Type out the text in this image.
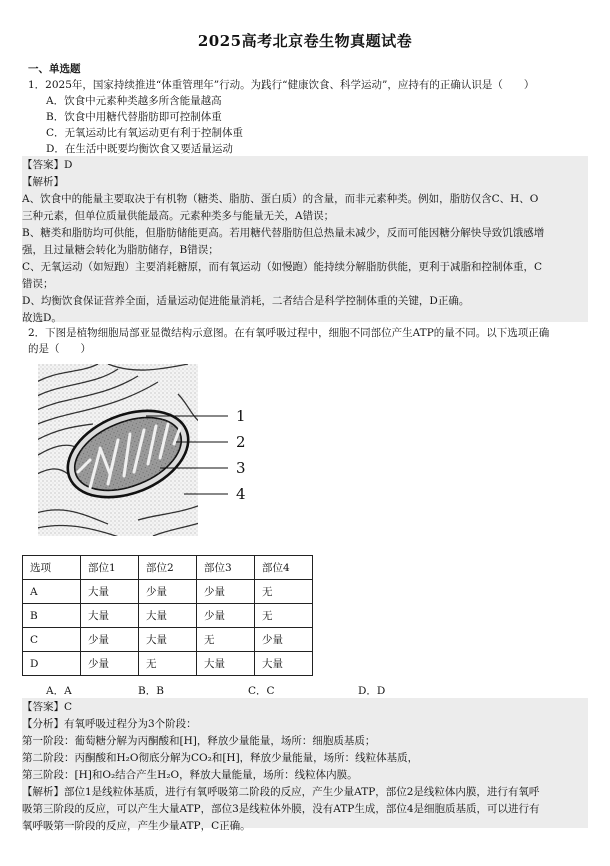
2025高考北京卷生物真题试卷
一、单选题
1．2025年，国家持续推进“体重管理年”行动。为践行“健康饮食、科学运动”，应持有的正确认识是（　　）
A．饮食中元素种类越多所含能量越高
B．饮食中用糖代替脂肪即可控制体重
C．无氧运动比有氧运动更有利于控制体重
D．在生活中既要均衡饮食又要适量运动
【答案】D
【解析】
A、饮食中的能量主要取决于有机物（糖类、脂肪、蛋白质）的含量，而非元素种类。例如，脂肪仅含C、H、O
三种元素，但单位质量供能最高。元素种类多与能量无关，A错误；
B、糖类和脂肪均可供能，但脂肪储能更高。若用糖代替脂肪但总热量未减少，反而可能因糖分解快导致饥饿感增
强，且过量糖会转化为脂肪储存，B错误；
C、无氧运动（如短跑）主要消耗糖原，而有氧运动（如慢跑）能持续分解脂肪供能，更利于减脂和控制体重，C
错误；
D、均衡饮食保证营养全面，适量运动促进能量消耗，二者结合是科学控制体重的关键，D正确。
故选D。
2．下图是植物细胞局部亚显微结构示意图。在有氧呼吸过程中，细胞不同部位产生ATP的量不同。以下选项正确
的是（　　）
1
2
3
4
选项	部位1	部位2	部位3	部位4
A	大量	少量	少量	无
B	大量	大量	少量	无
C	少量	大量	无	少量
D	少量	无	大量	大量
A．A	B．B	C．C	D．D
【答案】C
【分析】有氧呼吸过程分为3个阶段：
第一阶段：葡萄糖分解为丙酮酸和[H]，释放少量能量，场所：细胞质基质；
第二阶段：丙酮酸和H₂O彻底分解为CO₂和[H]，释放少量能量，场所：线粒体基质，
第三阶段：[H]和O₂结合产生H₂O，释放大量能量，场所：线粒体内膜。
【解析】部位1是线粒体基质，进行有氧呼吸第二阶段的反应，产生少量ATP，部位2是线粒体内膜，进行有氧呼
吸第三阶段的反应，可以产生大量ATP，部位3是线粒体外膜，没有ATP生成，部位4是细胞质基质，可以进行有
氧呼吸第一阶段的反应，产生少量ATP，C正确。
